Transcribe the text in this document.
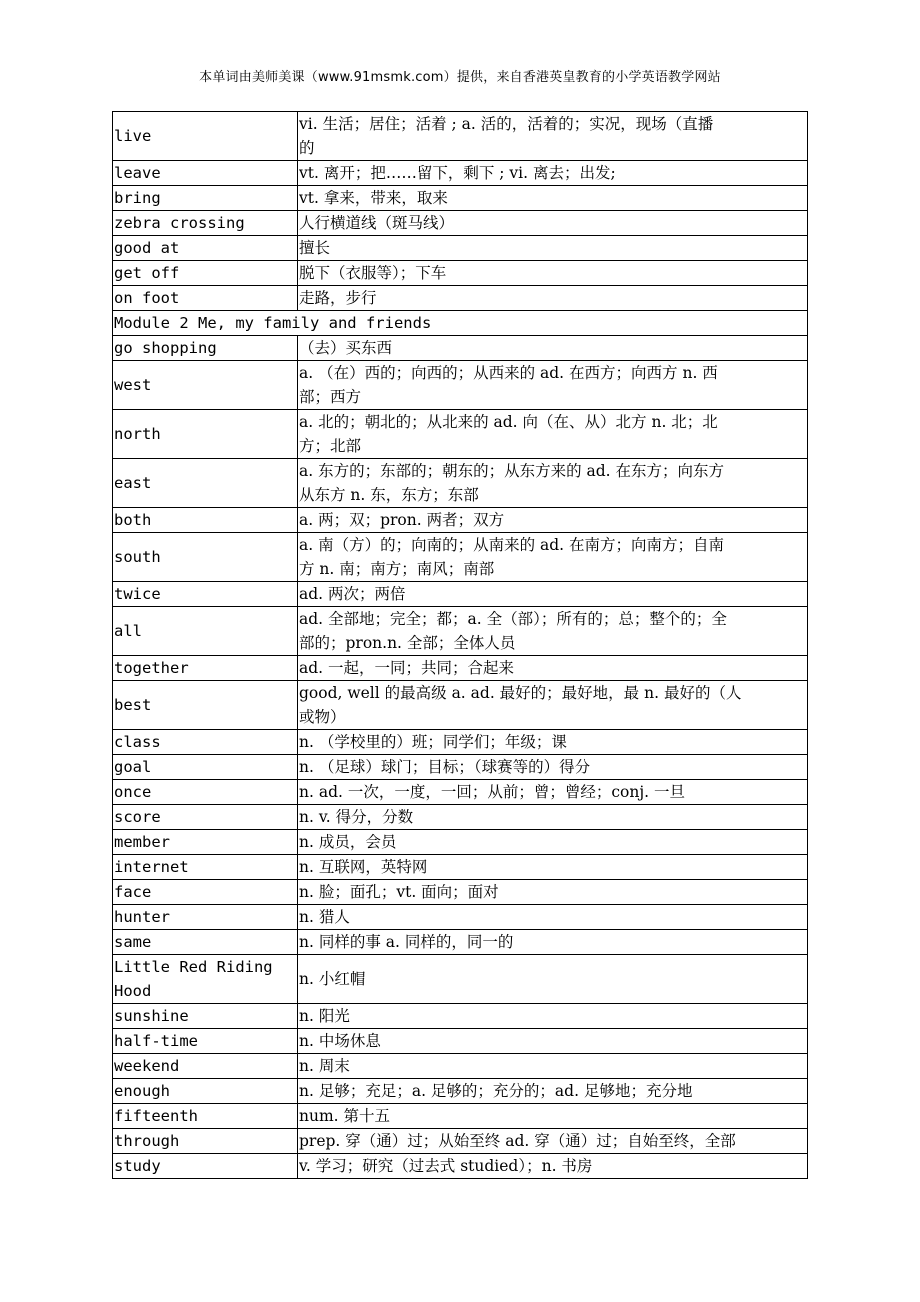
本单词由美师美课（www.91msmk.com）提供，来自香港英皇教育的小学英语教学网站
live	vi. 生活；居住；活着 ; a. 活的，活着的；实况，现场（直播
的

leave	vt. 离开；把……留下，剩下 ; vi. 离去；出发;

bring	vt. 拿来，带来，取来

zebra crossing	人行横道线（斑马线）

good at	擅长

get off	脱下（衣服等）；下车

on foot	走路，步行

Module 2 Me, my family and friends	
go shopping	（去）买东西

west	a. （在）西的；向西的；从西来的 ad. 在西方；向西方 n. 西
部；西方

north	a. 北的；朝北的；从北来的 ad. 向（在、从）北方 n. 北；北
方；北部

east	a. 东方的；东部的；朝东的；从东方来的 ad. 在东方；向东方
从东方 n. 东，东方；东部

both	a. 两；双；pron. 两者；双方

south	a. 南（方）的；向南的；从南来的 ad. 在南方；向南方；自南
方 n. 南；南方；南风；南部

twice	ad. 两次；两倍

all	ad. 全部地；完全；都；a. 全（部）；所有的；总；整个的；全
部的；pron.n. 全部；全体人员

together	ad. 一起，一同；共同；合起来

best	good, well 的最高级 a. ad. 最好的；最好地，最 n. 最好的（人
或物）

class	n. （学校里的）班；同学们；年级；课

goal	n. （足球）球门；目标；（球赛等的）得分

once	n. ad. 一次，一度，一回；从前；曾；曾经；conj. 一旦

score	n. v. 得分，分数

member	n. 成员，会员

internet	n. 互联网，英特网

face	n. 脸；面孔；vt. 面向；面对

hunter	n. 猎人

same	n. 同样的事 a. 同样的，同一的

Little Red Riding
Hood	n. 小红帽

sunshine	n. 阳光

half-time	n. 中场休息

weekend	n. 周末

enough	n. 足够；充足；a. 足够的；充分的；ad. 足够地；充分地

fifteenth	num. 第十五

through	prep. 穿（通）过；从始至终 ad. 穿（通）过；自始至终，全部

study	v. 学习；研究（过去式 studied）；n. 书房
